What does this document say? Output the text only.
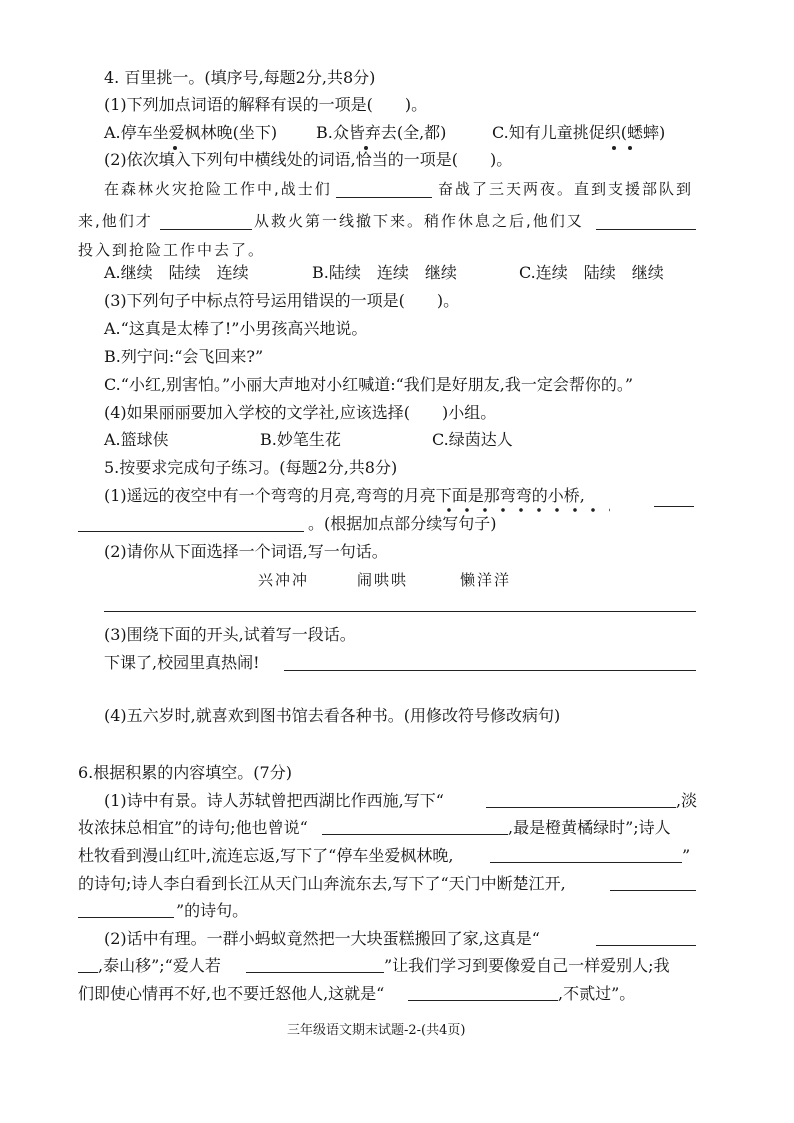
4. 百里挑一。(填序号,每题2分,共8分)
(1)下列加点词语的解释有误的一项是(　　)。
A.停车坐爱枫林晚(坐下) B.众皆弃去(全,都)	C.知有儿童挑促织(蟋蟀)
(2)依次填入下列句中横线处的词语,恰当的一项是(　　)。
在森林火灾抢险工作中,战士们	奋战了三天两夜。直到支援部队到
来,他们才	从救火第一线撤下来。稍作休息之后,他们又
投入到抢险工作中去了。
A.继续　陆续　连续	B.陆续　连续　继续	C.连续　陆续　继续
(3)下列句子中标点符号运用错误的一项是(　　)。
A.“这真是太棒了!”小男孩高兴地说。
B.列宁问:“会飞回来?”
C.“小红,别害怕。”小丽大声地对小红喊道:“我们是好朋友,我一定会帮你的。”
(4)如果丽丽要加入学校的文学社,应该选择(　　)小组。
A.篮球侠	B.妙笔生花	C.绿茵达人
5.按要求完成句子练习。(每题2分,共8分)
(1)遥远的夜空中有一个弯弯的月亮,弯弯的月亮下面是那弯弯的小桥,
。(根据加点部分续写句子)
(2)请你从下面选择一个词语,写一句话。
兴冲冲	闹哄哄	懒洋洋
(3)围绕下面的开头,试着写一段话。
下课了,校园里真热闹!
(4)五六岁时,就喜欢到图书馆去看各种书。(用修改符号修改病句)
6.根据积累的内容填空。(7分)
(1)诗中有景。诗人苏轼曾把西湖比作西施,写下“	,淡
妆浓抹总相宜”的诗句;他也曾说“	,最是橙黄橘绿时”;诗人
杜牧看到漫山红叶,流连忘返,写下了“停车坐爱枫林晚,	”
的诗句;诗人李白看到长江从天门山奔流东去,写下了“天门中断楚江开,
”的诗句。
(2)话中有理。一群小蚂蚁竟然把一大块蛋糕搬回了家,这真是“
,泰山移”;“爱人若	”让我们学习到要像爱自己一样爱别人;我
们即使心情再不好,也不要迁怒他人,这就是“	,不贰过”。
三年级语文期末试题-2-(共4页)
